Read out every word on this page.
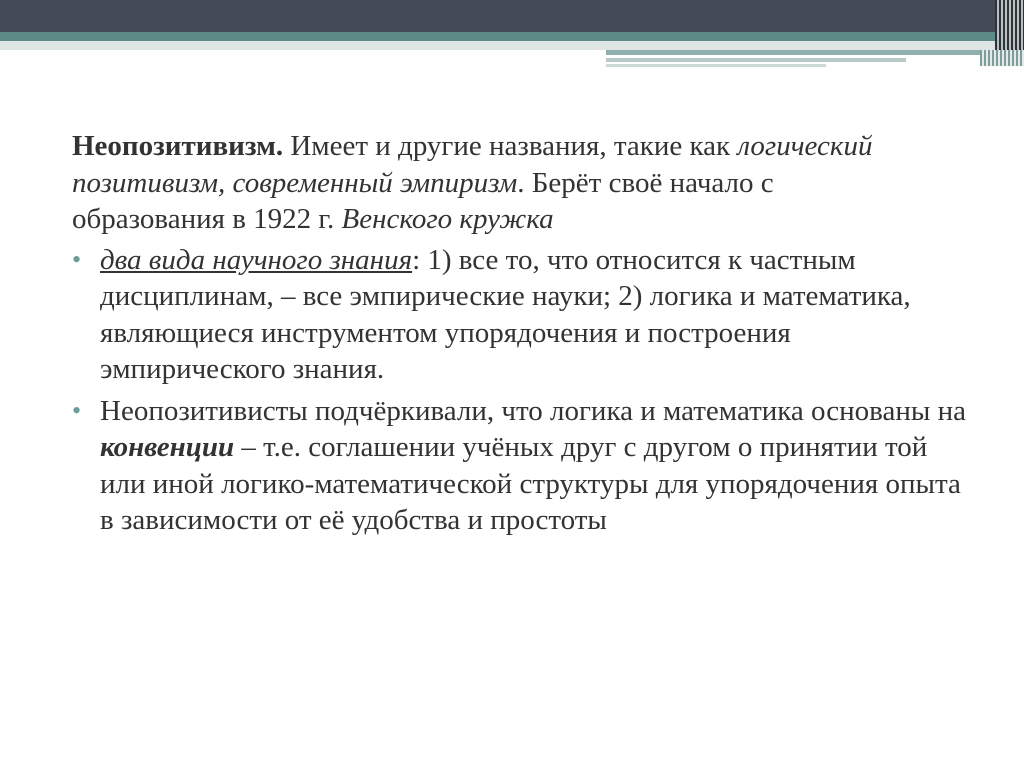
Неопозитивизм. Имеет и другие названия, такие как логический позитивизм, современный эмпиризм. Берёт своё начало с образования в 1922 г. Венского кружка

• два вида научного знания: 1) все то, что относится к частным дисциплинам, – все эмпирические науки; 2) логика и математика, являющиеся инструментом упорядочения и построения эмпирического знания.
• Неопозитивисты подчёркивали, что логика и математика основаны на конвенции – т.е. соглашении учёных друг с другом о принятии той или иной логико-математической структуры для упорядочения опыта в зависимости от её удобства и простоты
